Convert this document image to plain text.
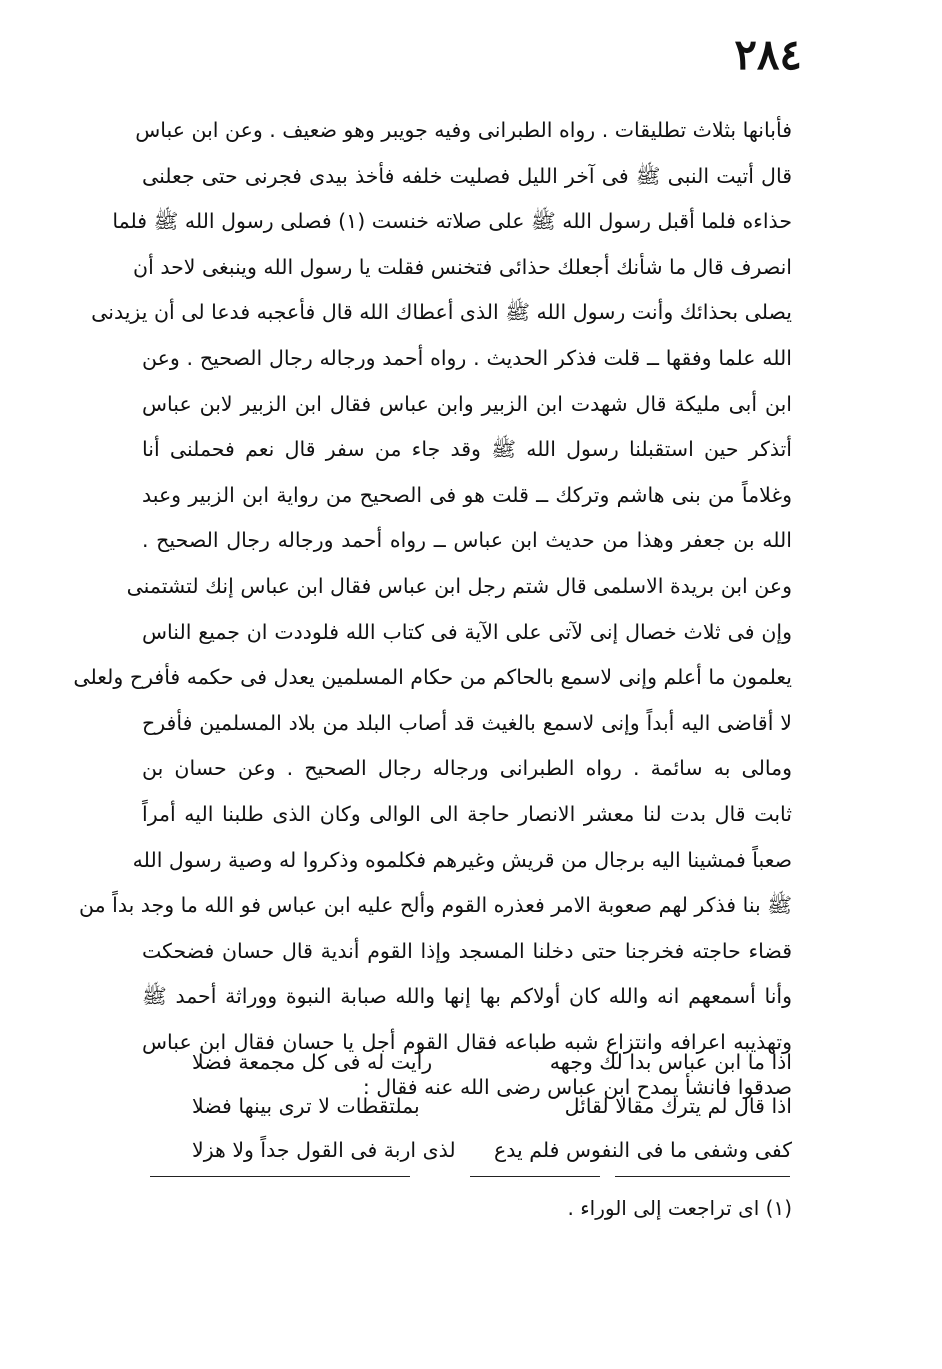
٢٨٤
فأبانها بثلاث تطليقات . رواه الطبرانى وفيه جويبر وهو ضعيف . وعن ابن عباس
قال أتيت النبى ﷺ فى آخر الليل فصليت خلفه فأخذ بيدى فجرنى حتى جعلنى
حذاءه فلما أقبل رسول الله ﷺ على صلاته خنست (١) فصلى رسول الله ﷺ فلما
انصرف قال ما شأنك أجعلك حذائى فتخنس فقلت يا رسول الله وينبغى لاحد أن
يصلى بحذائك وأنت رسول الله ﷺ الذى أعطاك الله قال فأعجبه فدعا لى أن يزيدنى
الله علما وفقها ــ قلت فذكر الحديث . رواه أحمد ورجاله رجال الصحيح . وعن
ابن أبى مليكة قال شهدت ابن الزبير وابن عباس فقال ابن الزبير لابن عباس
أتذكر حين استقبلنا رسول الله ﷺ وقد جاء من سفر قال نعم فحملنى أنا
وغلاماً من بنى هاشم وتركك ــ قلت هو فى الصحيح من رواية ابن الزبير وعبد
الله بن جعفر وهذا من حديث ابن عباس ــ رواه أحمد ورجاله رجال الصحيح .
وعن ابن بريدة الاسلمى قال شتم رجل ابن عباس فقال ابن عباس إنك لتشتمنى
وإن فى ثلاث خصال إنى لآتى على الآية فى كتاب الله فلوددت ان جميع الناس
يعلمون ما أعلم وإنى لاسمع بالحاكم من حكام المسلمين يعدل فى حكمه فأفرح ولعلى
لا أقاضى اليه أبداً وإنى لاسمع بالغيث قد أصاب البلد من بلاد المسلمين فأفرح
ومالى به سائمة . رواه الطبرانى ورجاله رجال الصحيح . وعن حسان بن
ثابت قال بدت لنا معشر الانصار حاجة الى الوالى وكان الذى طلبنا اليه أمراً
صعباً فمشينا اليه برجال من قريش وغيرهم فكلموه وذكروا له وصية رسول الله
ﷺ بنا فذكر لهم صعوبة الامر فعذره القوم وألح عليه ابن عباس فو الله ما وجد بداً من
قضاء حاجته فخرجنا حتى دخلنا المسجد وإذا القوم أندية قال حسان فضحكت
وأنا أسمعهم انه والله كان أولاكم بها إنها والله صبابة النبوة ووراثة أحمد ﷺ
وتهذيبه اعرافه وانتزاع شبه طباعه فقال القوم أجل يا حسان فقال ابن عباس
صدقوا فانشأ يمدح ابن عباس رضى الله عنه فقال :
اذا ما ابن عباس بدا لك وجهه
رأيت له فى كل مجمعة فضلا
اذا قال لم يترك مقالا لقائل
بملتقطات لا ترى بينها فضلا
كفى وشفى ما فى النفوس فلم يدع
لذى اربة فى القول جداً ولا هزلا
(١) اى تراجعت إلى الوراء .
